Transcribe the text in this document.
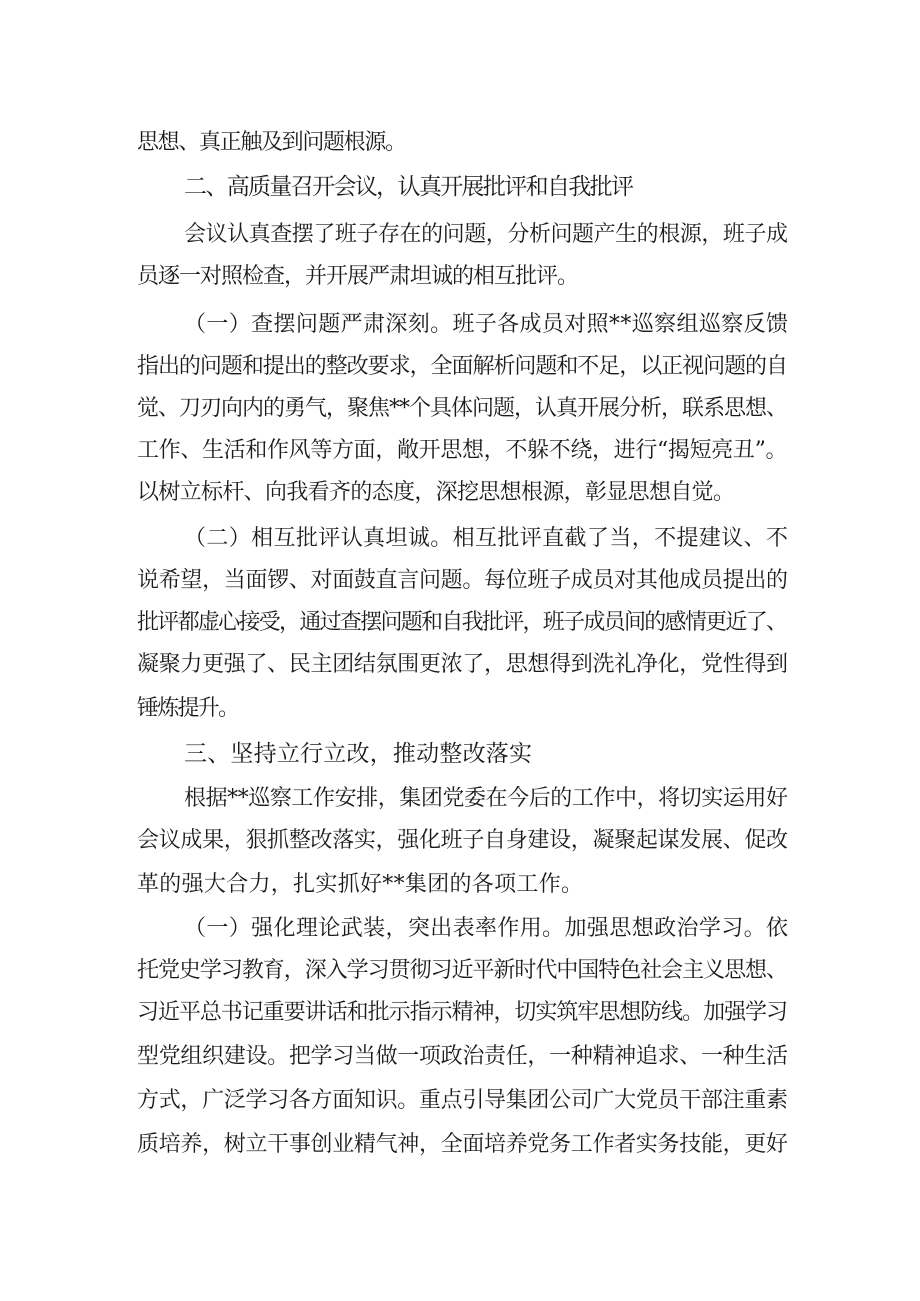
思想、真正触及到问题根源。
二、高质量召开会议，认真开展批评和自我批评
会议认真查摆了班子存在的问题，分析问题产生的根源，班子成
员逐一对照检查，并开展严肃坦诚的相互批评。
（一）查摆问题严肃深刻。班子各成员对照**巡察组巡察反馈
指出的问题和提出的整改要求，全面解析问题和不足，以正视问题的自
觉、刀刃向内的勇气，聚焦**个具体问题，认真开展分析，联系思想、
工作、生活和作风等方面，敞开思想，不躲不绕，进行“揭短亮丑”。
以树立标杆、向我看齐的态度，深挖思想根源，彰显思想自觉。
（二）相互批评认真坦诚。相互批评直截了当，不提建议、不
说希望，当面锣、对面鼓直言问题。每位班子成员对其他成员提出的
批评都虚心接受，通过查摆问题和自我批评，班子成员间的感情更近了、
凝聚力更强了、民主团结氛围更浓了，思想得到洗礼净化，党性得到
锤炼提升。
三、坚持立行立改，推动整改落实
根据**巡察工作安排，集团党委在今后的工作中，将切实运用好
会议成果，狠抓整改落实，强化班子自身建设，凝聚起谋发展、促改
革的强大合力，扎实抓好**集团的各项工作。
（一）强化理论武装，突出表率作用。加强思想政治学习。依
托党史学习教育，深入学习贯彻习近平新时代中国特色社会主义思想、
习近平总书记重要讲话和批示指示精神，切实筑牢思想防线。加强学习
型党组织建设。把学习当做一项政治责任，一种精神追求、一种生活
方式，广泛学习各方面知识。重点引导集团公司广大党员干部注重素
质培养，树立干事创业精气神，全面培养党务工作者实务技能，更好
